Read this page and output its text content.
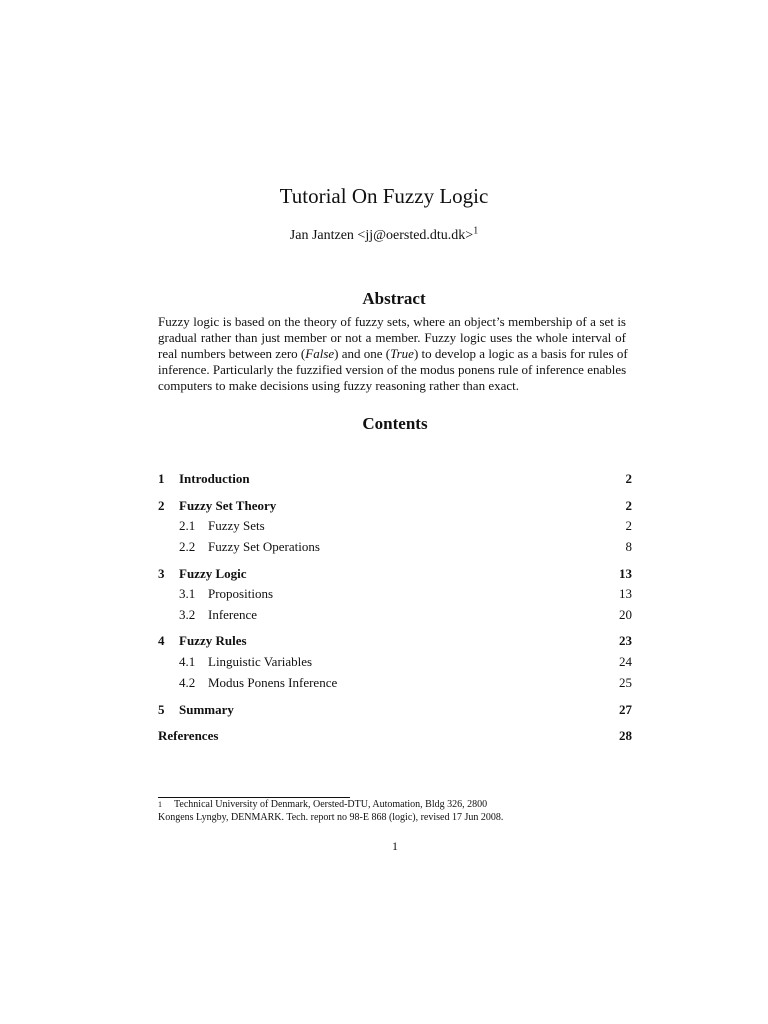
Tutorial On Fuzzy Logic
Jan Jantzen <jj@oersted.dtu.dk>$^1$
Abstract
Fuzzy logic is based on the theory of fuzzy sets, where an object’s membership of a set is
gradual rather than just member or not a member. Fuzzy logic uses the whole interval of
real numbers between zero (False) and one (True) to develop a logic as a basis for rules of
inference. Particularly the fuzzified version of the modus ponens rule of inference enables
computers to make decisions using fuzzy reasoning rather than exact.
Contents
1 Introduction	2
2 Fuzzy Set Theory	2
2.1 Fuzzy Sets	2
2.2 Fuzzy Set Operations	8
3 Fuzzy Logic	13
3.1 Propositions	13
3.2 Inference	20
4 Fuzzy Rules	23
4.1 Linguistic Variables	24
4.2 Modus Ponens Inference	25
5 Summary	27
References	28
1 Technical University of Denmark, Oersted-DTU, Automation, Bldg 326, 2800
Kongens Lyngby, DENMARK. Tech. report no 98-E 868 (logic), revised 17 Jun 2008.
1
